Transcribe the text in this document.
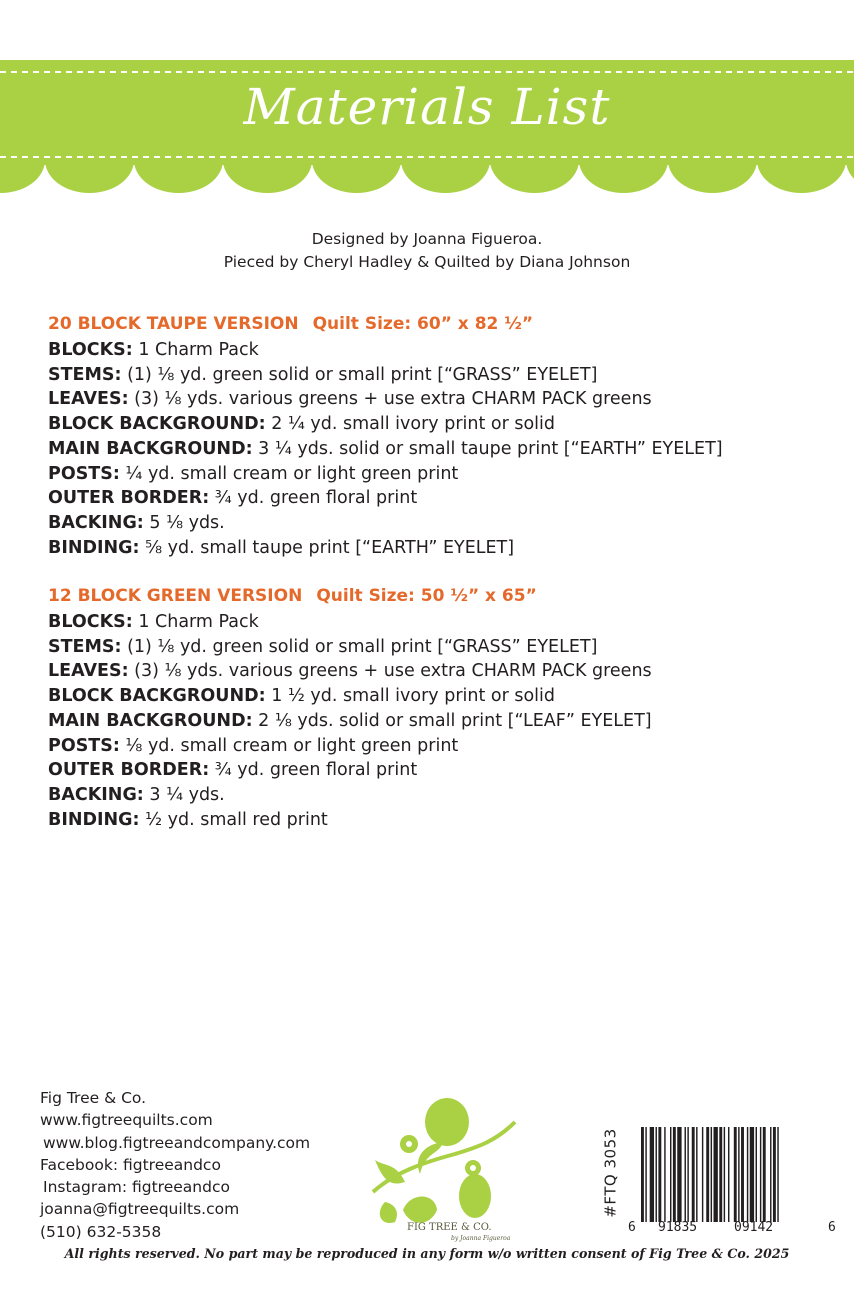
Materials List
Designed by Joanna Figueroa.
Pieced by Cheryl Hadley & Quilted by Diana Johnson
20 BLOCK TAUPE VERSION Quilt Size: 60” x 82 ½”
BLOCKS: 1 Charm Pack
STEMS: (1) ⅛ yd. green solid or small print [“GRASS” EYELET]
LEAVES: (3) ⅛ yds. various greens + use extra CHARM PACK greens
BLOCK BACKGROUND: 2 ¼ yd. small ivory print or solid
MAIN BACKGROUND: 3 ¼ yds. solid or small taupe print [“EARTH” EYELET]
POSTS: ¼ yd. small cream or light green print
OUTER BORDER: ¾ yd. green floral print
BACKING: 5 ⅛ yds.
BINDING: ⅝ yd. small taupe print [“EARTH” EYELET]
12 BLOCK GREEN VERSION Quilt Size: 50 ½” x 65”
BLOCKS: 1 Charm Pack
STEMS: (1) ⅛ yd. green solid or small print [“GRASS” EYELET]
LEAVES: (3) ⅛ yds. various greens + use extra CHARM PACK greens
BLOCK BACKGROUND: 1 ½ yd. small ivory print or solid
MAIN BACKGROUND: 2 ⅛ yds. solid or small print [“LEAF” EYELET]
POSTS: ⅛ yd. small cream or light green print
OUTER BORDER: ¾ yd. green floral print
BACKING: 3 ¼ yds.
BINDING: ½ yd. small red print
Fig Tree & Co.
www.figtreequilts.com
www.blog.figtreeandcompany.com
Facebook: figtreeandco
Instagram: figtreeandco
joanna@figtreequilts.com
(510) 632-5358	FIG TREE & CO.
by Joanna Figueroa
#FTQ 3053
6 91835	09142	6
All rights reserved. No part may be reproduced in any form w/o written consent of Fig Tree & Co. 2025
